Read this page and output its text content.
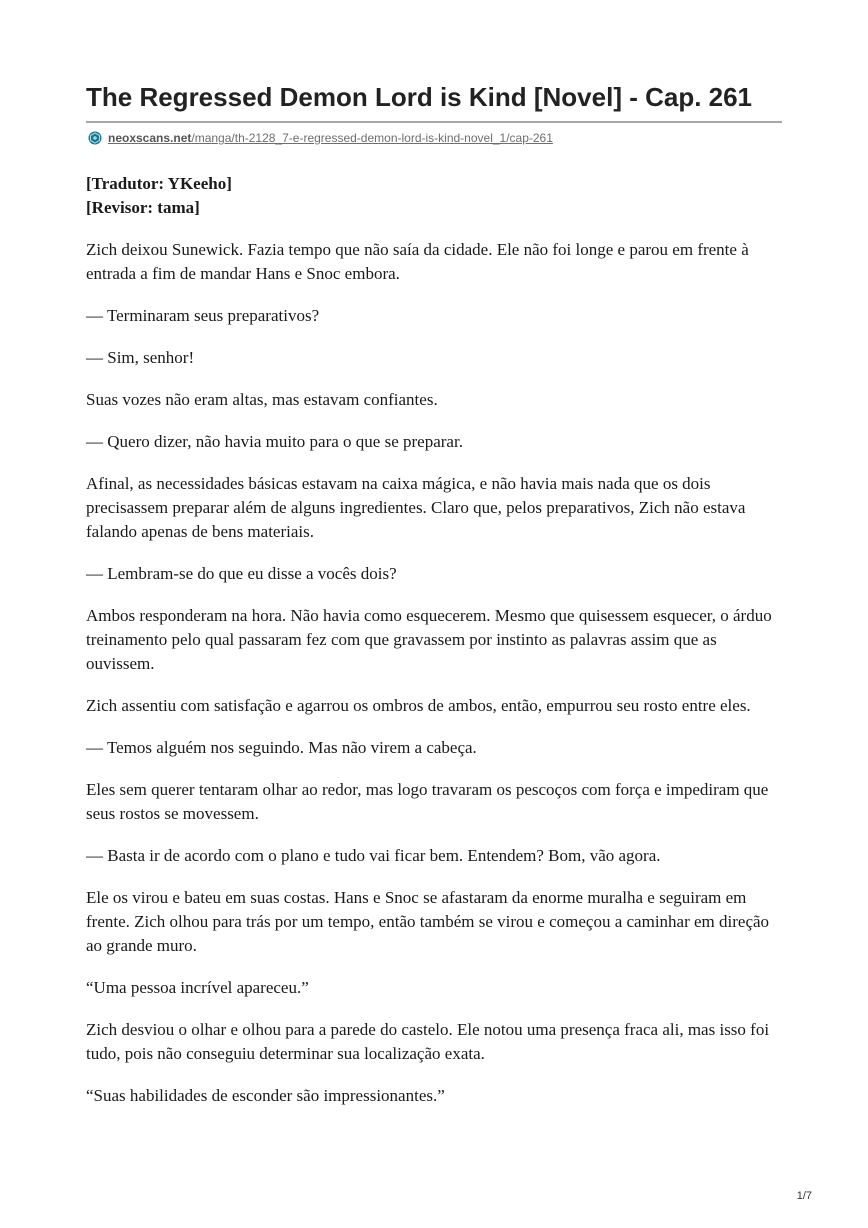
The Regressed Demon Lord is Kind [Novel] - Cap. 261
neoxscans.net/manga/th-2128_7-e-regressed-demon-lord-is-kind-novel_1/cap-261
[Tradutor: YKeeho]
[Revisor: tama]

Zich deixou Sunewick. Fazia tempo que não saía da cidade. Ele não foi longe e parou em frente à entrada a fim de mandar Hans e Snoc embora.

— Terminaram seus preparativos?

— Sim, senhor!

Suas vozes não eram altas, mas estavam confiantes.

— Quero dizer, não havia muito para o que se preparar.

Afinal, as necessidades básicas estavam na caixa mágica, e não havia mais nada que os dois precisassem preparar além de alguns ingredientes. Claro que, pelos preparativos, Zich não estava falando apenas de bens materiais.

— Lembram-se do que eu disse a vocês dois?

Ambos responderam na hora. Não havia como esquecerem. Mesmo que quisessem esquecer, o árduo treinamento pelo qual passaram fez com que gravassem por instinto as palavras assim que as ouvissem.

Zich assentiu com satisfação e agarrou os ombros de ambos, então, empurrou seu rosto entre eles.

— Temos alguém nos seguindo. Mas não virem a cabeça.

Eles sem querer tentaram olhar ao redor, mas logo travaram os pescoços com força e impediram que seus rostos se movessem.

— Basta ir de acordo com o plano e tudo vai ficar bem. Entendem? Bom, vão agora.

Ele os virou e bateu em suas costas. Hans e Snoc se afastaram da enorme muralha e seguiram em frente. Zich olhou para trás por um tempo, então também se virou e começou a caminhar em direção ao grande muro.

“Uma pessoa incrível apareceu.”

Zich desviou o olhar e olhou para a parede do castelo. Ele notou uma presença fraca ali, mas isso foi tudo, pois não conseguiu determinar sua localização exata.

“Suas habilidades de esconder são impressionantes.”

1/7
